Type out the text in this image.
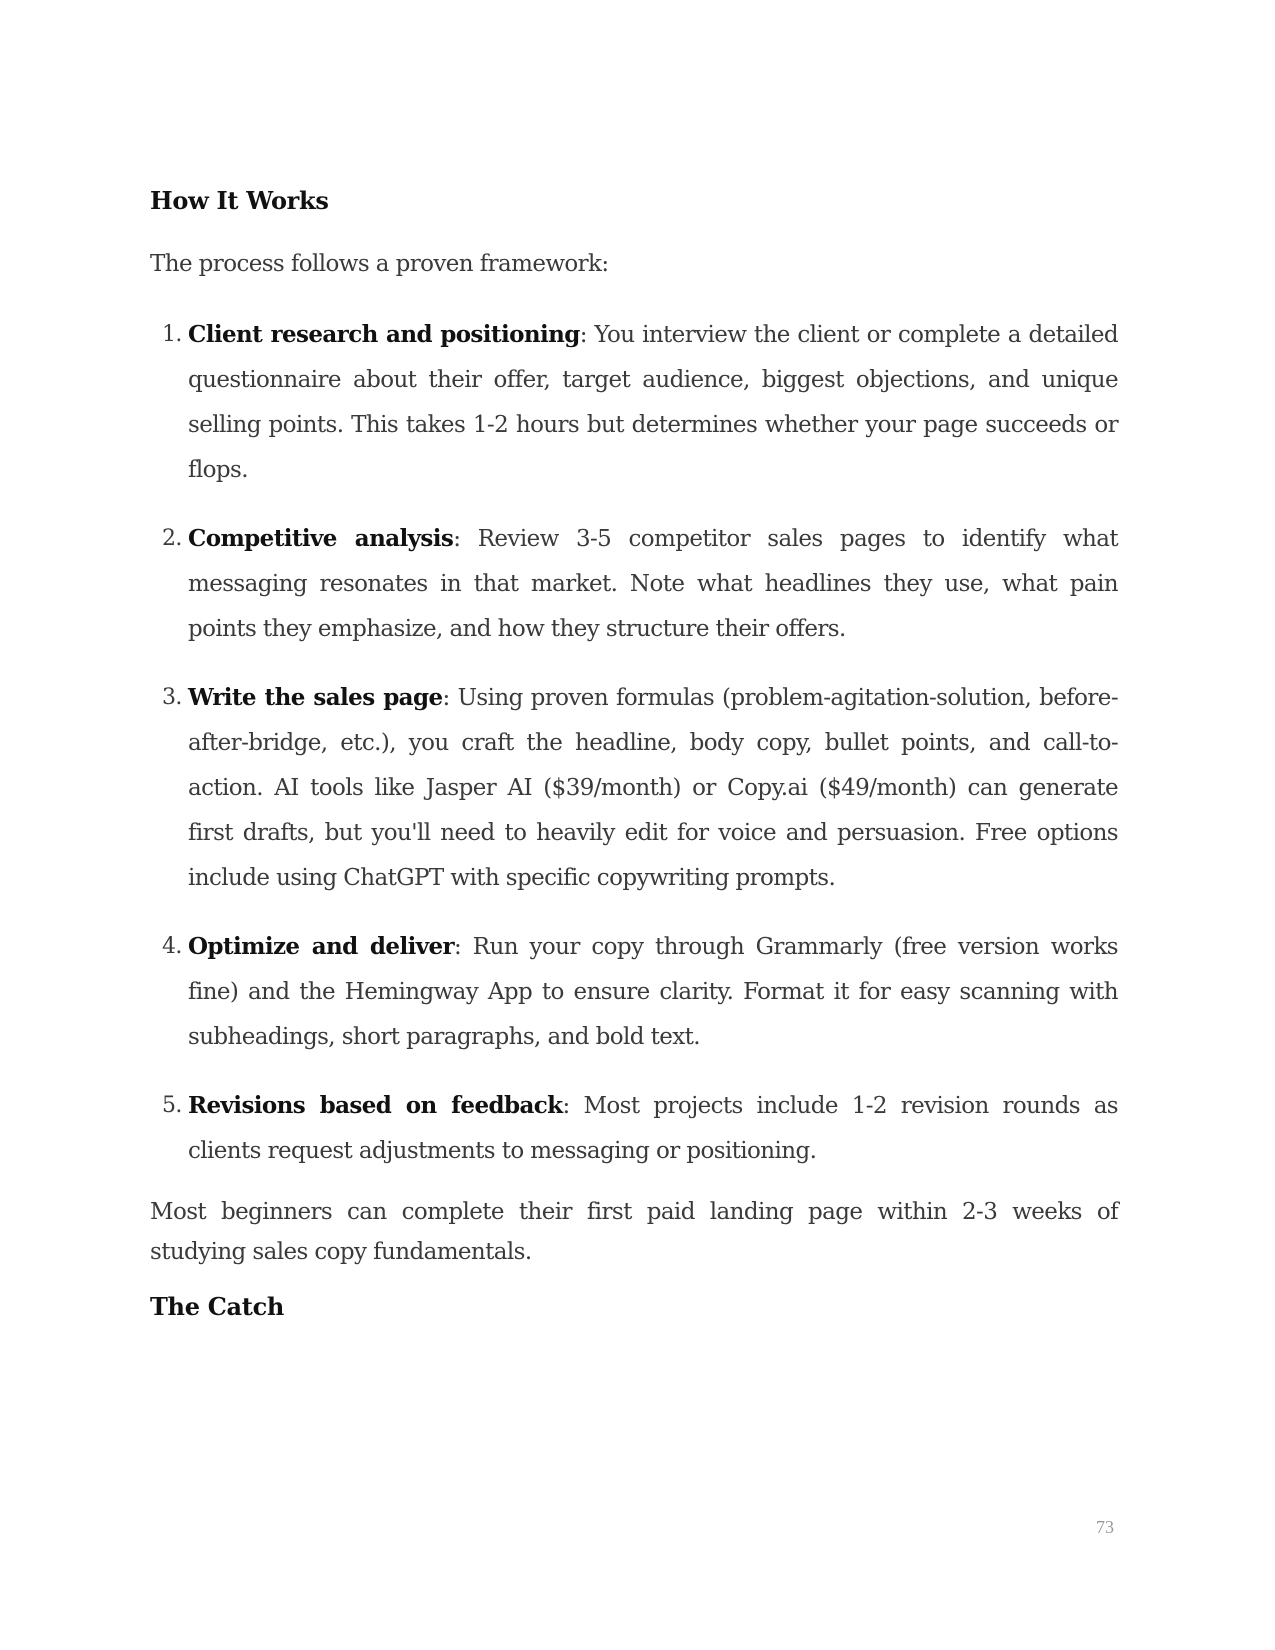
How It Works

The process follows a proven framework:

1. Client research and positioning: You interview the client or complete a detailed questionnaire about their offer, target audience, biggest objections, and unique selling points. This takes 1-2 hours but determines whether your page succeeds or flops.
2. Competitive analysis: Review 3-5 competitor sales pages to identify what messaging resonates in that market. Note what headlines they use, what pain points they emphasize, and how they structure their offers.
3. Write the sales page: Using proven formulas (problem-agitation-solution, before-after-bridge, etc.), you craft the headline, body copy, bullet points, and call-to-action. AI tools like Jasper AI ($39/month) or Copy.ai ($49/month) can generate first drafts, but you'll need to heavily edit for voice and persuasion. Free options include using ChatGPT with specific copywriting prompts.
4. Optimize and deliver: Run your copy through Grammarly (free version works fine) and the Hemingway App to ensure clarity. Format it for easy scanning with subheadings, short paragraphs, and bold text.
5. Revisions based on feedback: Most projects include 1-2 revision rounds as clients request adjustments to messaging or positioning.

Most beginners can complete their first paid landing page within 2-3 weeks of studying sales copy fundamentals.

The Catch
73
